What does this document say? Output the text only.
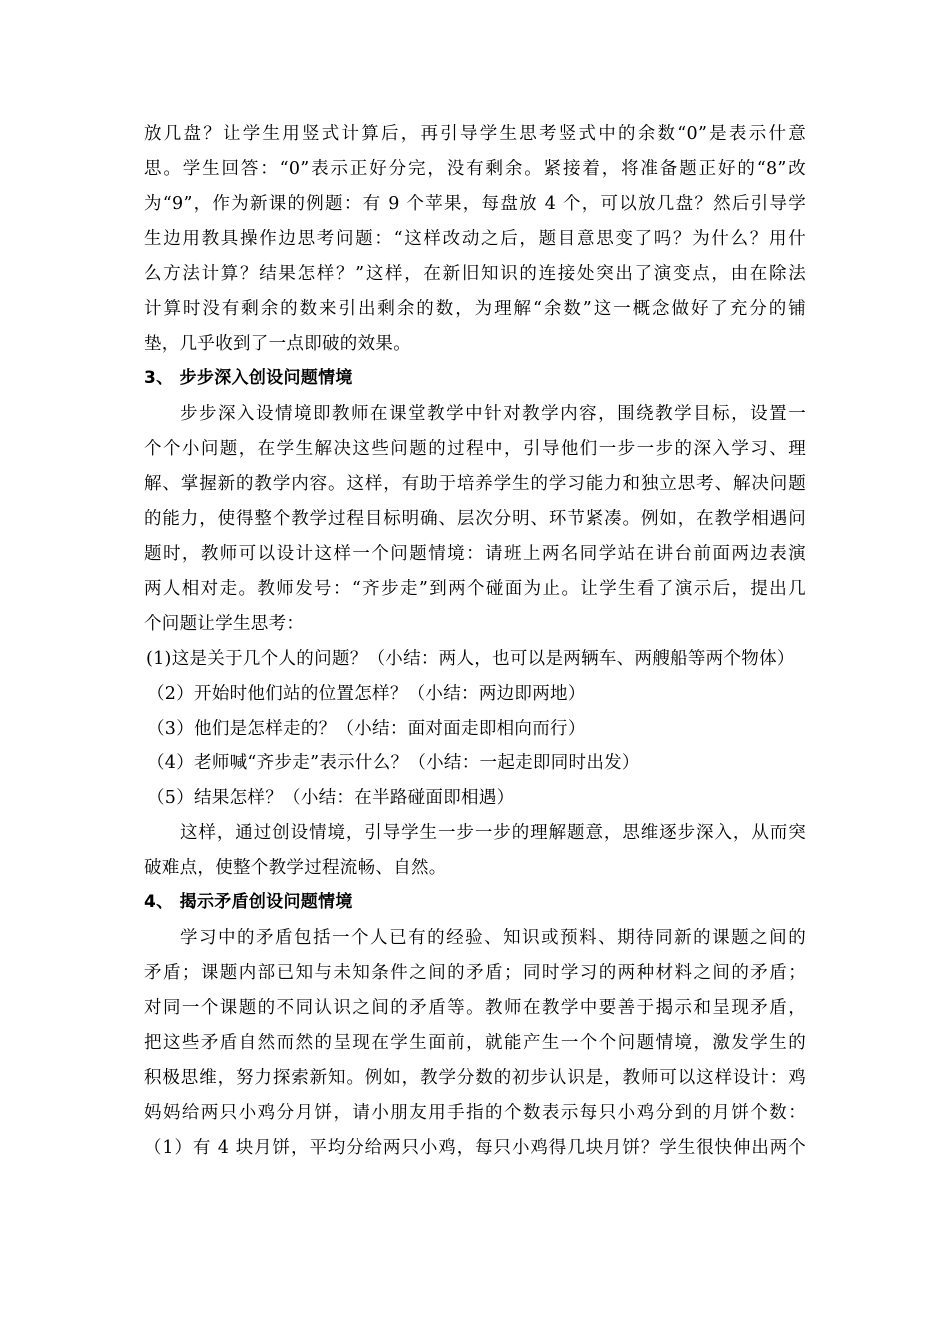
放几盘？让学生用竖式计算后，再引导学生思考竖式中的余数“0”是表示什意
思。学生回答：“0”表示正好分完，没有剩余。紧接着，将准备题正好的“8”改
为“9”，作为新课的例题：有 9 个苹果，每盘放 4 个，可以放几盘？然后引导学
生边用教具操作边思考问题：“这样改动之后，题目意思变了吗？为什么？用什
么方法计算？结果怎样？”这样，在新旧知识的连接处突出了演变点，由在除法
计算时没有剩余的数来引出剩余的数，为理解“余数”这一概念做好了充分的铺
垫，几乎收到了一点即破的效果。
3、 步步深入创设问题情境
步步深入设情境即教师在课堂教学中针对教学内容，围绕教学目标，设置一
个个小问题，在学生解决这些问题的过程中，引导他们一步一步的深入学习、理
解、掌握新的教学内容。这样，有助于培养学生的学习能力和独立思考、解决问题
的能力，使得整个教学过程目标明确、层次分明、环节紧凑。例如，在教学相遇问
题时，教师可以设计这样一个问题情境：请班上两名同学站在讲台前面两边表演
两人相对走。教师发号：“齐步走”到两个碰面为止。让学生看了演示后，提出几
个问题让学生思考：
(1)这是关于几个人的问题？（小结：两人，也可以是两辆车、两艘船等两个物体）
（2）开始时他们站的位置怎样？（小结：两边即两地）
（3）他们是怎样走的？（小结：面对面走即相向而行）
（4）老师喊“齐步走”表示什么？（小结：一起走即同时出发）
（5）结果怎样？（小结：在半路碰面即相遇）
这样，通过创设情境，引导学生一步一步的理解题意，思维逐步深入，从而突
破难点，使整个教学过程流畅、自然。
4、 揭示矛盾创设问题情境
学习中的矛盾包括一个人已有的经验、知识或预料、期待同新的课题之间的
矛盾；课题内部已知与未知条件之间的矛盾；同时学习的两种材料之间的矛盾；
对同一个课题的不同认识之间的矛盾等。教师在教学中要善于揭示和呈现矛盾，
把这些矛盾自然而然的呈现在学生面前，就能产生一个个问题情境，激发学生的
积极思维，努力探索新知。例如，教学分数的初步认识是，教师可以这样设计：鸡
妈妈给两只小鸡分月饼，请小朋友用手指的个数表示每只小鸡分到的月饼个数：
（1）有 4 块月饼，平均分给两只小鸡，每只小鸡得几块月饼？学生很快伸出两个
